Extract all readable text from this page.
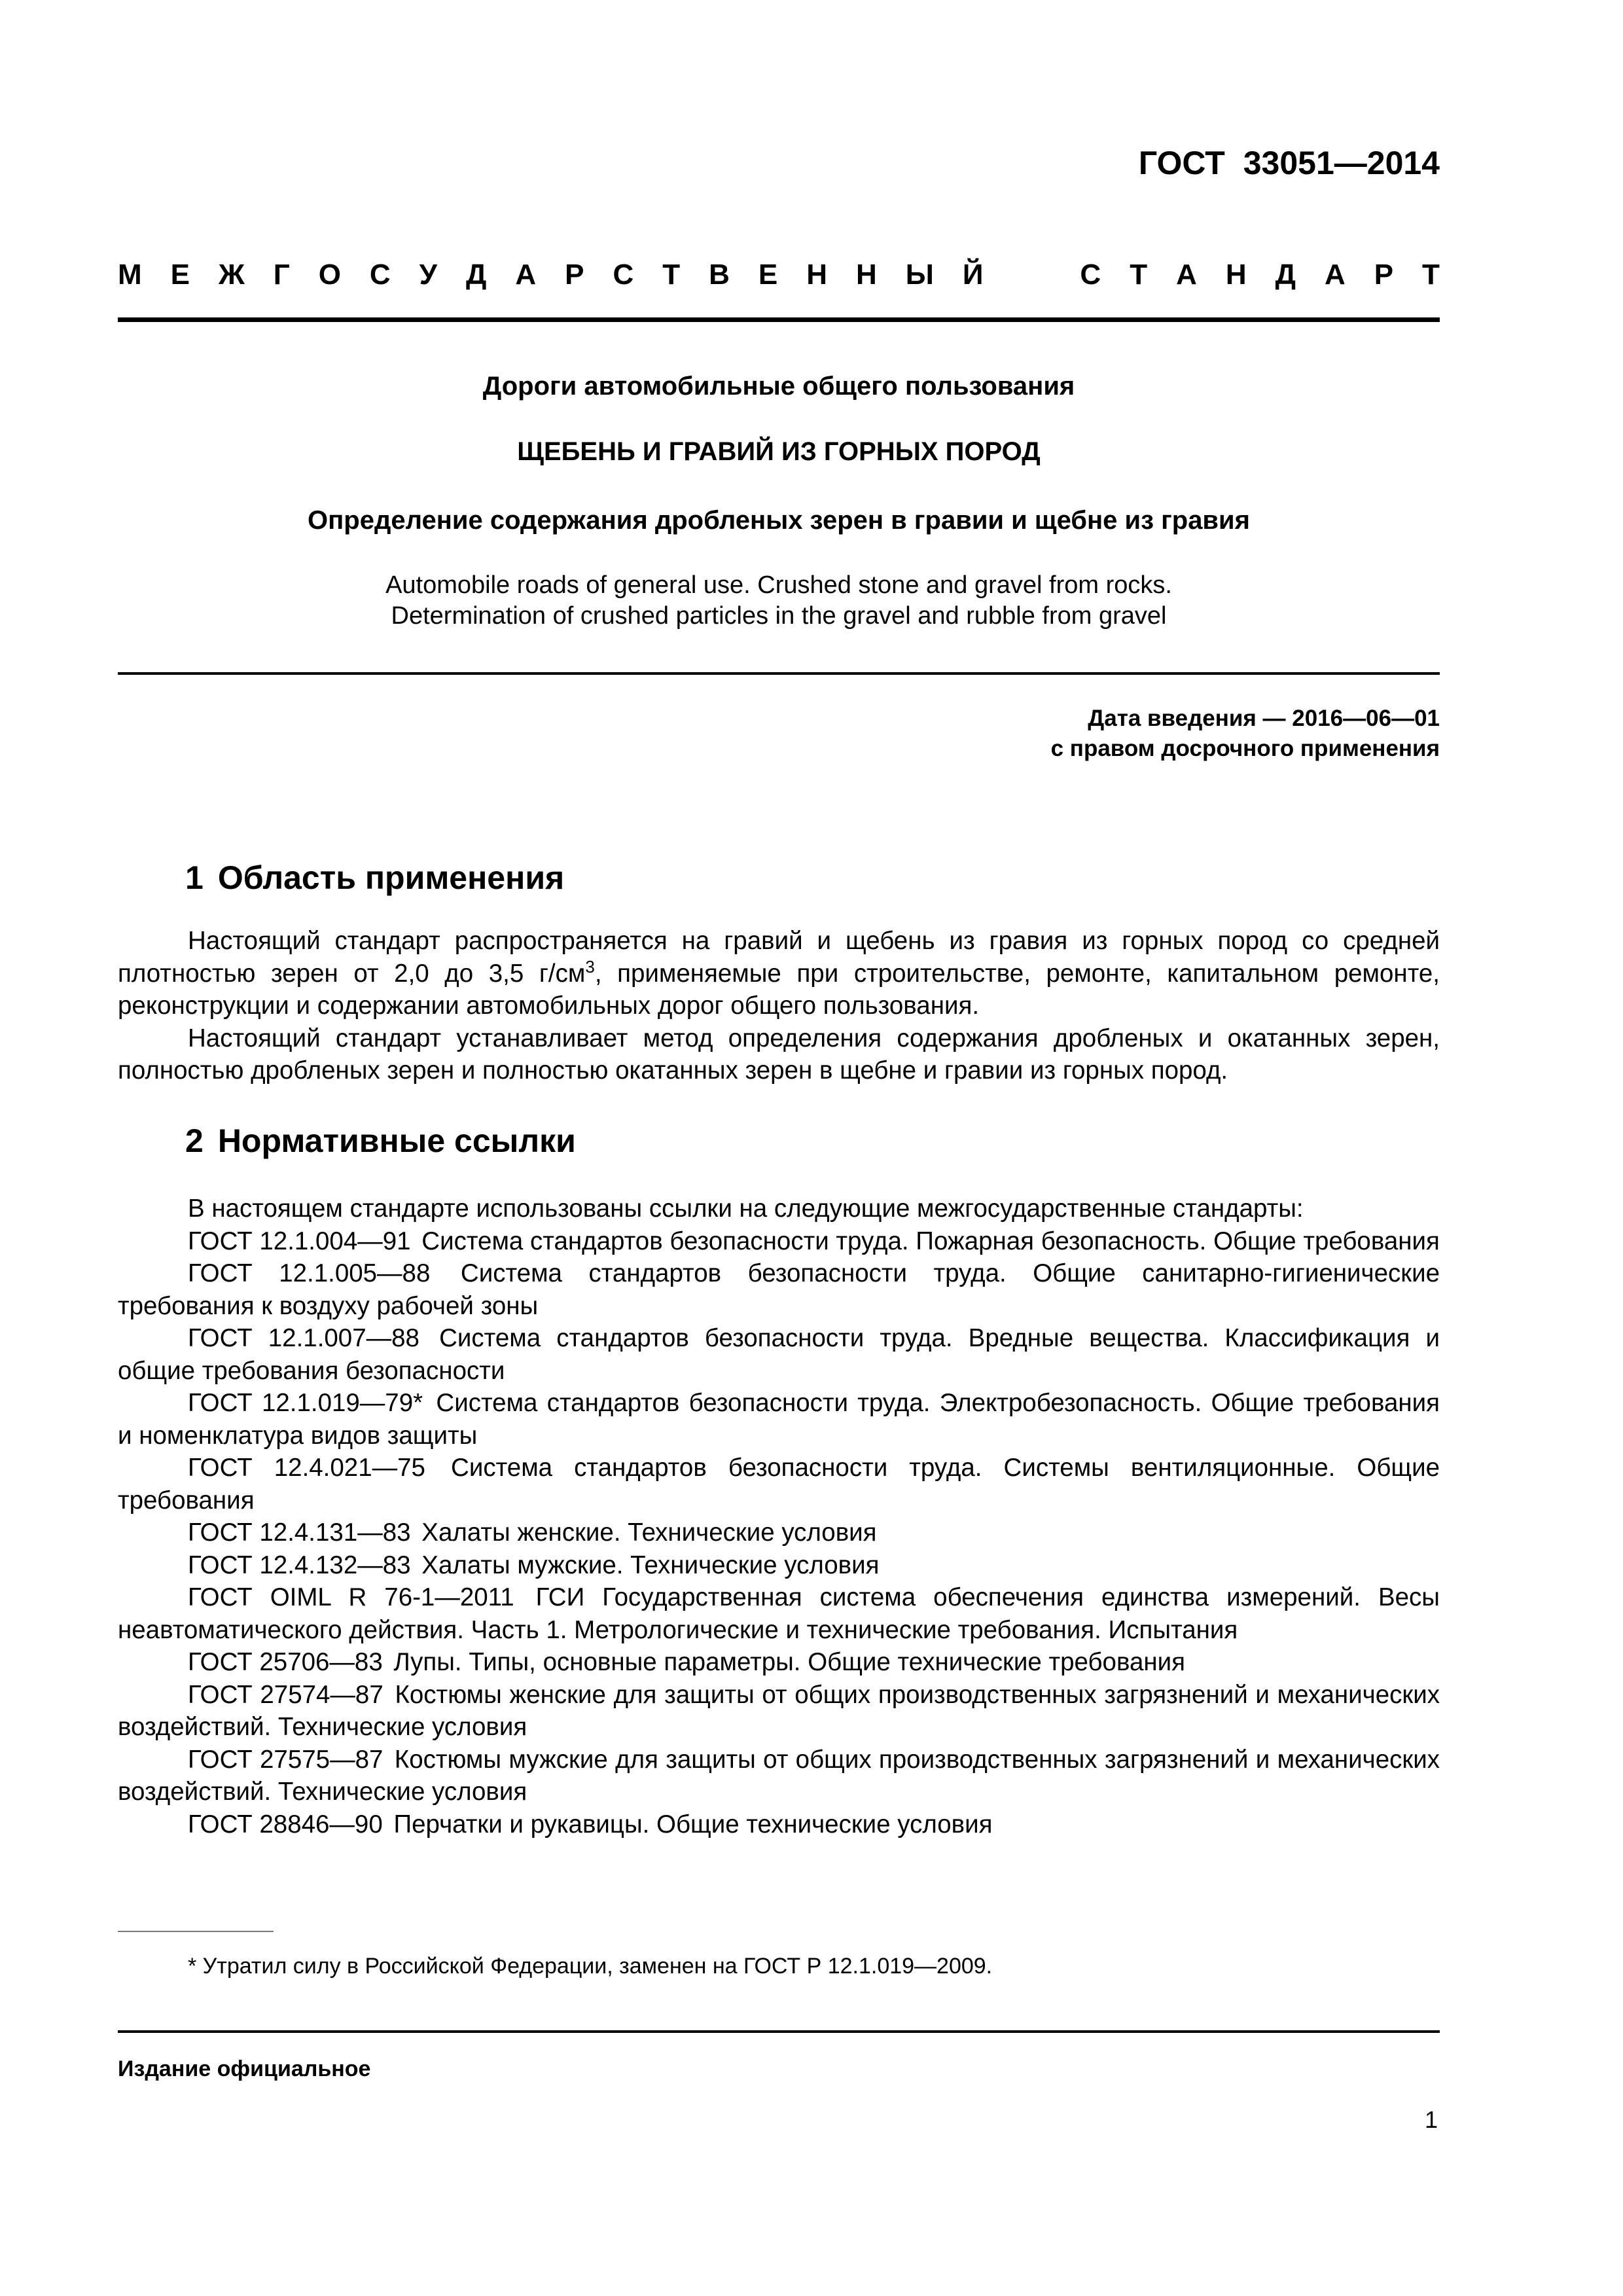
ГОСТ 33051—2014
М Е Ж Г О С У Д А Р С Т В Е Н Н Ы Й	С Т А Н Д А Р Т
Дороги автомобильные общего пользования
ЩЕБЕНЬ И ГРАВИЙ ИЗ ГОРНЫХ ПОРОД
Определение содержания дробленых зерен в гравии и щебне из гравия
Automobile roads of general use. Crushed stone and gravel from rocks.
Determination of crushed particles in the gravel and rubble from gravel
Дата введения — 2016—06—01
с правом досрочного применения
1 Область применения

Настоящий стандарт распространяется на гравий и щебень из гравия из горных пород со средней плотностью зерен от 2,0 до 3,5 $г/см^3$, применяемые при строительстве, ремонте, капитальном ремонте, реконструкции и содержании автомобильных дорог общего пользования.

Настоящий стандарт устанавливает метод определения содержания дробленых и окатанных зерен, полностью дробленых зерен и полностью окатанных зерен в щебне и гравии из горных пород.

2 Нормативные ссылки

В настоящем стандарте использованы ссылки на следующие межгосударственные стандарты:

ГОСТ 12.1.004—91 Система стандартов безопасности труда. Пожарная безопасность. Общие требования

ГОСТ 12.1.005—88 Система стандартов безопасности труда. Общие санитарно-гигиенические требования к воздуху рабочей зоны

ГОСТ 12.1.007—88 Система стандартов безопасности труда. Вредные вещества. Классификация и общие требования безопасности

ГОСТ 12.1.019—79* Система стандартов безопасности труда. Электробезопасность. Общие требования и номенклатура видов защиты

ГОСТ 12.4.021—75 Система стандартов безопасности труда. Системы вентиляционные. Общие требования

ГОСТ 12.4.131—83 Халаты женские. Технические условия

ГОСТ 12.4.132—83 Халаты мужские. Технические условия

ГОСТ OIML R 76-1—2011 ГСИ Государственная система обеспечения единства измерений. Весы неавтоматического действия. Часть 1. Метрологические и технические требования. Испытания

ГОСТ 25706—83 Лупы. Типы, основные параметры. Общие технические требования

ГОСТ 27574—87 Костюмы женские для защиты от общих производственных загрязнений и механических воздействий. Технические условия

ГОСТ 27575—87 Костюмы мужские для защиты от общих производственных загрязнений и механических воздействий. Технические условия

ГОСТ 28846—90 Перчатки и рукавицы. Общие технические условия

* Утратил силу в Российской Федерации, заменен на ГОСТ Р 12.1.019—2009.
Издание официальное
1
